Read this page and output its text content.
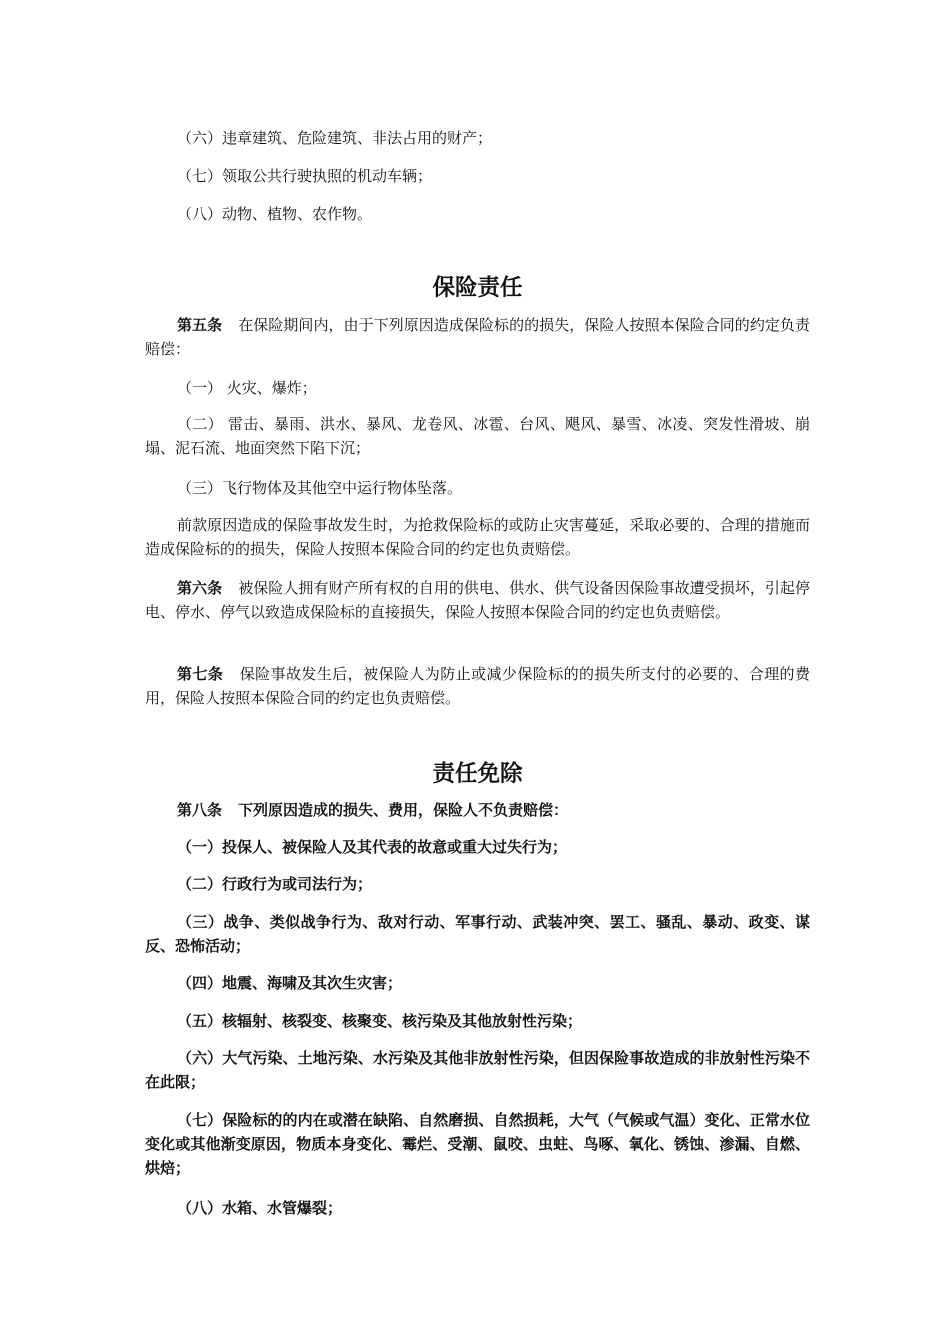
（六）违章建筑、危险建筑、非法占用的财产；

（七）领取公共行驶执照的机动车辆；

（八）动物、植物、农作物。

保险责任

第五条 在保险期间内，由于下列原因造成保险标的的损失，保险人按照本保险合同的约定负责赔偿：

（一） 火灾、爆炸；

（二） 雷击、暴雨、洪水、暴风、龙卷风、冰雹、台风、飓风、暴雪、冰凌、突发性滑坡、崩塌、泥石流、地面突然下陷下沉；

（三）飞行物体及其他空中运行物体坠落。

前款原因造成的保险事故发生时，为抢救保险标的或防止灾害蔓延，采取必要的、合理的措施而造成保险标的的损失，保险人按照本保险合同的约定也负责赔偿。

第六条 被保险人拥有财产所有权的自用的供电、供水、供气设备因保险事故遭受损坏，引起停电、停水、停气以致造成保险标的直接损失，保险人按照本保险合同的约定也负责赔偿。

第七条 保险事故发生后，被保险人为防止或减少保险标的的损失所支付的必要的、合理的费用，保险人按照本保险合同的约定也负责赔偿。

责任免除

第八条 下列原因造成的损失、费用，保险人不负责赔偿：

（一）投保人、被保险人及其代表的故意或重大过失行为；

（二）行政行为或司法行为；

（三）战争、类似战争行为、敌对行动、军事行动、武装冲突、罢工、骚乱、暴动、政变、谋反、恐怖活动；

（四）地震、海啸及其次生灾害；

（五）核辐射、核裂变、核聚变、核污染及其他放射性污染；

（六）大气污染、土地污染、水污染及其他非放射性污染，但因保险事故造成的非放射性污染不在此限；

（七）保险标的的内在或潜在缺陷、自然磨损、自然损耗，大气（气候或气温）变化、正常水位变化或其他渐变原因，物质本身变化、霉烂、受潮、鼠咬、虫蛀、鸟啄、氧化、锈蚀、渗漏、自燃、烘焙；

（八）水箱、水管爆裂；
